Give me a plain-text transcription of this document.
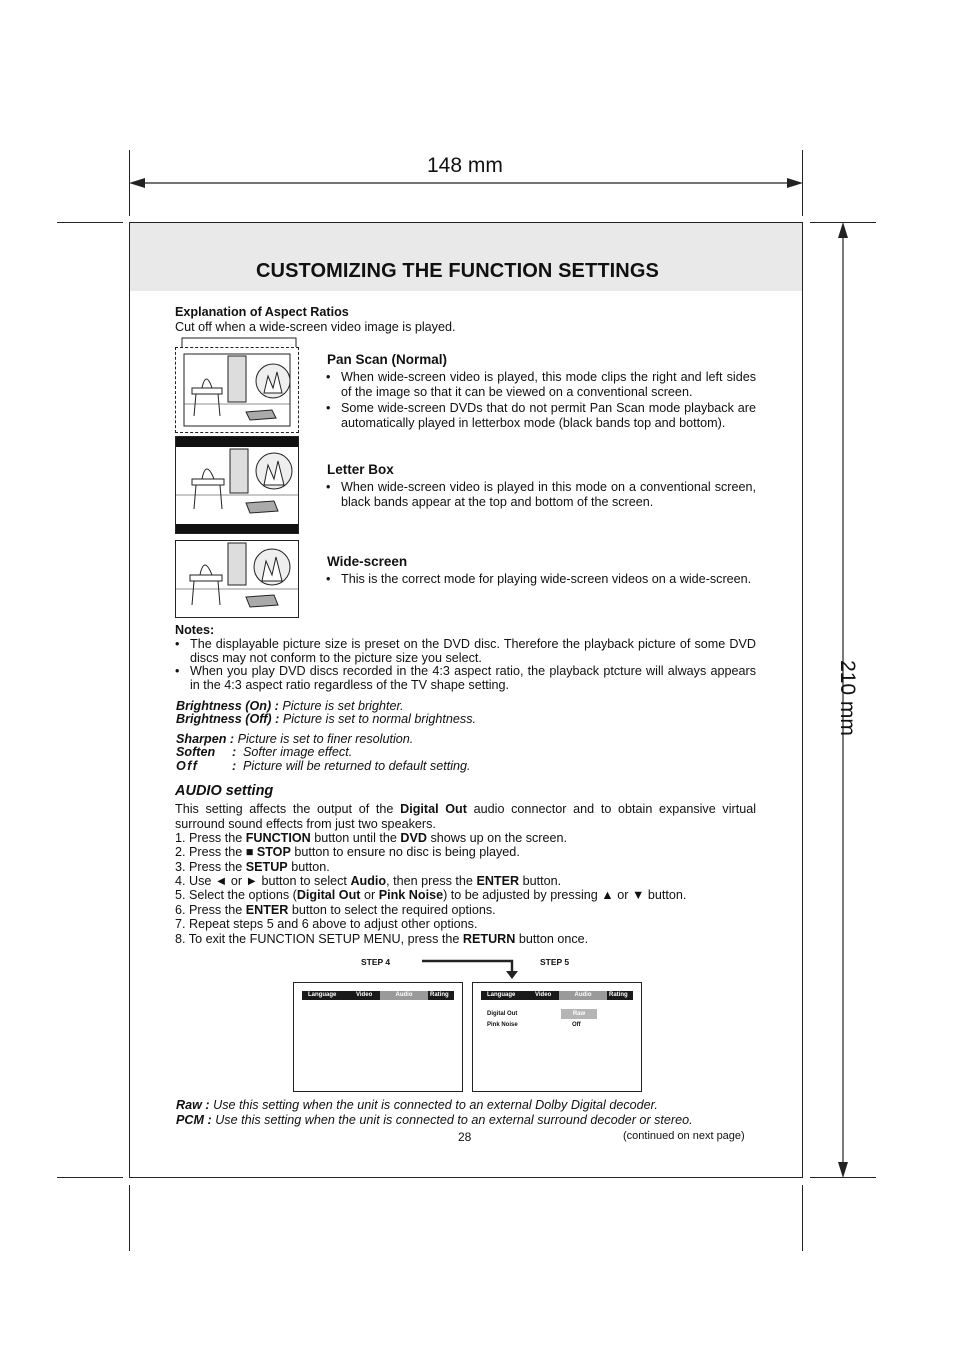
148 mm
210 mm
CUSTOMIZING THE FUNCTION SETTINGS
Explanation of Aspect Ratios
Cut off when a wide-screen video image is played.
Pan Scan (Normal)
• When wide-screen video is played, this mode clips the right and left sides of the image so that it can be viewed on a conventional screen.
• Some wide-screen DVDs that do not permit Pan Scan mode playback are automatically played in letterbox mode (black bands top and bottom).
Letter Box
• When wide-screen video is played in this mode on a conventional screen, black bands appear at the top and bottom of the screen.
Wide-screen
• This is the correct mode for playing wide-screen videos on a wide-screen.
Notes:
• The displayable picture size is preset on the DVD disc. Therefore the playback picture of some DVD discs may not conform to the picture size you select.
• When you play DVD discs recorded in the 4:3 aspect ratio, the playback ptcture will always appears in the 4:3 aspect ratio regardless of the TV shape setting.
Brightness (On) : Picture is set brighter.
Brightness (Off) : Picture is set to normal brightness.
Sharpen : Picture is set to finer resolution.
Soften : Softer image effect.
Off	: Picture will be returned to default setting.
AUDIO setting
This setting affects the output of the Digital Out audio connector and to obtain expansive virtual surround sound effects from just two speakers.
1. Press the FUNCTION button until the DVD shows up on the screen.
2. Press the ■ STOP button to ensure no disc is being played.
3. Press the SETUP button.
4. Use ◄ or ► button to select Audio, then press the ENTER button.
5. Select the options (Digital Out or Pink Noise) to be adjusted by pressing ▲ or ▼ button.
6. Press the ENTER button to select the required options.
7. Repeat steps 5 and 6 above to adjust other options.
8. To exit the FUNCTION SETUP MENU, press the RETURN button once.
STEP 4	STEP 5
Language	Video	Audio	Rating	Language	Video	Audio	Rating
Digital Out	Raw
Pink Noise	Off
Raw : Use this setting when the unit is connected to an external Dolby Digital decoder.
PCM : Use this setting when the unit is connected to an external surround decoder or stereo.
28	(continued on next page)
